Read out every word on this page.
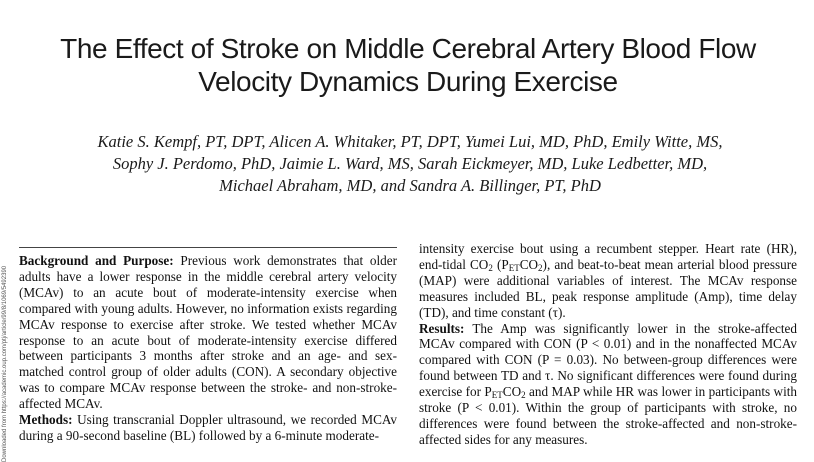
Downloaded from https://academic.oup.com/ptj/article/99/8/1069/5492390
The Effect of Stroke on Middle Cerebral Artery Blood Flow
Velocity Dynamics During Exercise
Katie S. Kempf, PT, DPT, Alicen A. Whitaker, PT, DPT, Yumei Lui, MD, PhD, Emily Witte, MS,
Sophy J. Perdomo, PhD, Jaimie L. Ward, MS, Sarah Eickmeyer, MD, Luke Ledbetter, MD,
Michael Abraham, MD, and Sandra A. Billinger, PT, PhD

Background and Purpose: Previous work demonstrates that older adults have a lower response in the middle cerebral artery velocity (MCAv) to an acute bout of moderate-intensity exercise when compared with young adults. However, no information exists regarding MCAv response to exercise after stroke. We tested whether MCAv response to an acute bout of moderate-intensity exercise differed between participants 3 months after stroke and an age- and sex-matched control group of older adults (CON). A secondary objective was to compare MCAv response between the stroke- and non-stroke-affected MCAv.

Methods: Using transcranial Doppler ultrasound, we recorded MCAv during a 90-second baseline (BL) followed by a 6-minute moderate-

intensity exercise bout using a recumbent stepper. Heart rate (HR), end-tidal $CO_2$ $(P_{ET}CO_2)$, and beat-to-beat mean arterial blood pressure (MAP) were additional variables of interest. The MCAv response measures included BL, peak response amplitude (Amp), time delay (TD), and time constant (τ).

Results: The Amp was significantly lower in the stroke-affected MCAv compared with CON (P < 0.01) and in the nonaffected MCAv compared with CON (P = 0.03). No between-group differences were found between TD and τ. No significant differences were found during exercise for $P_{ET}CO_2$ and MAP while HR was lower in participants with stroke (P < 0.01). Within the group of participants with stroke, no differences were found between the stroke-affected and non-stroke-affected sides for any measures.
